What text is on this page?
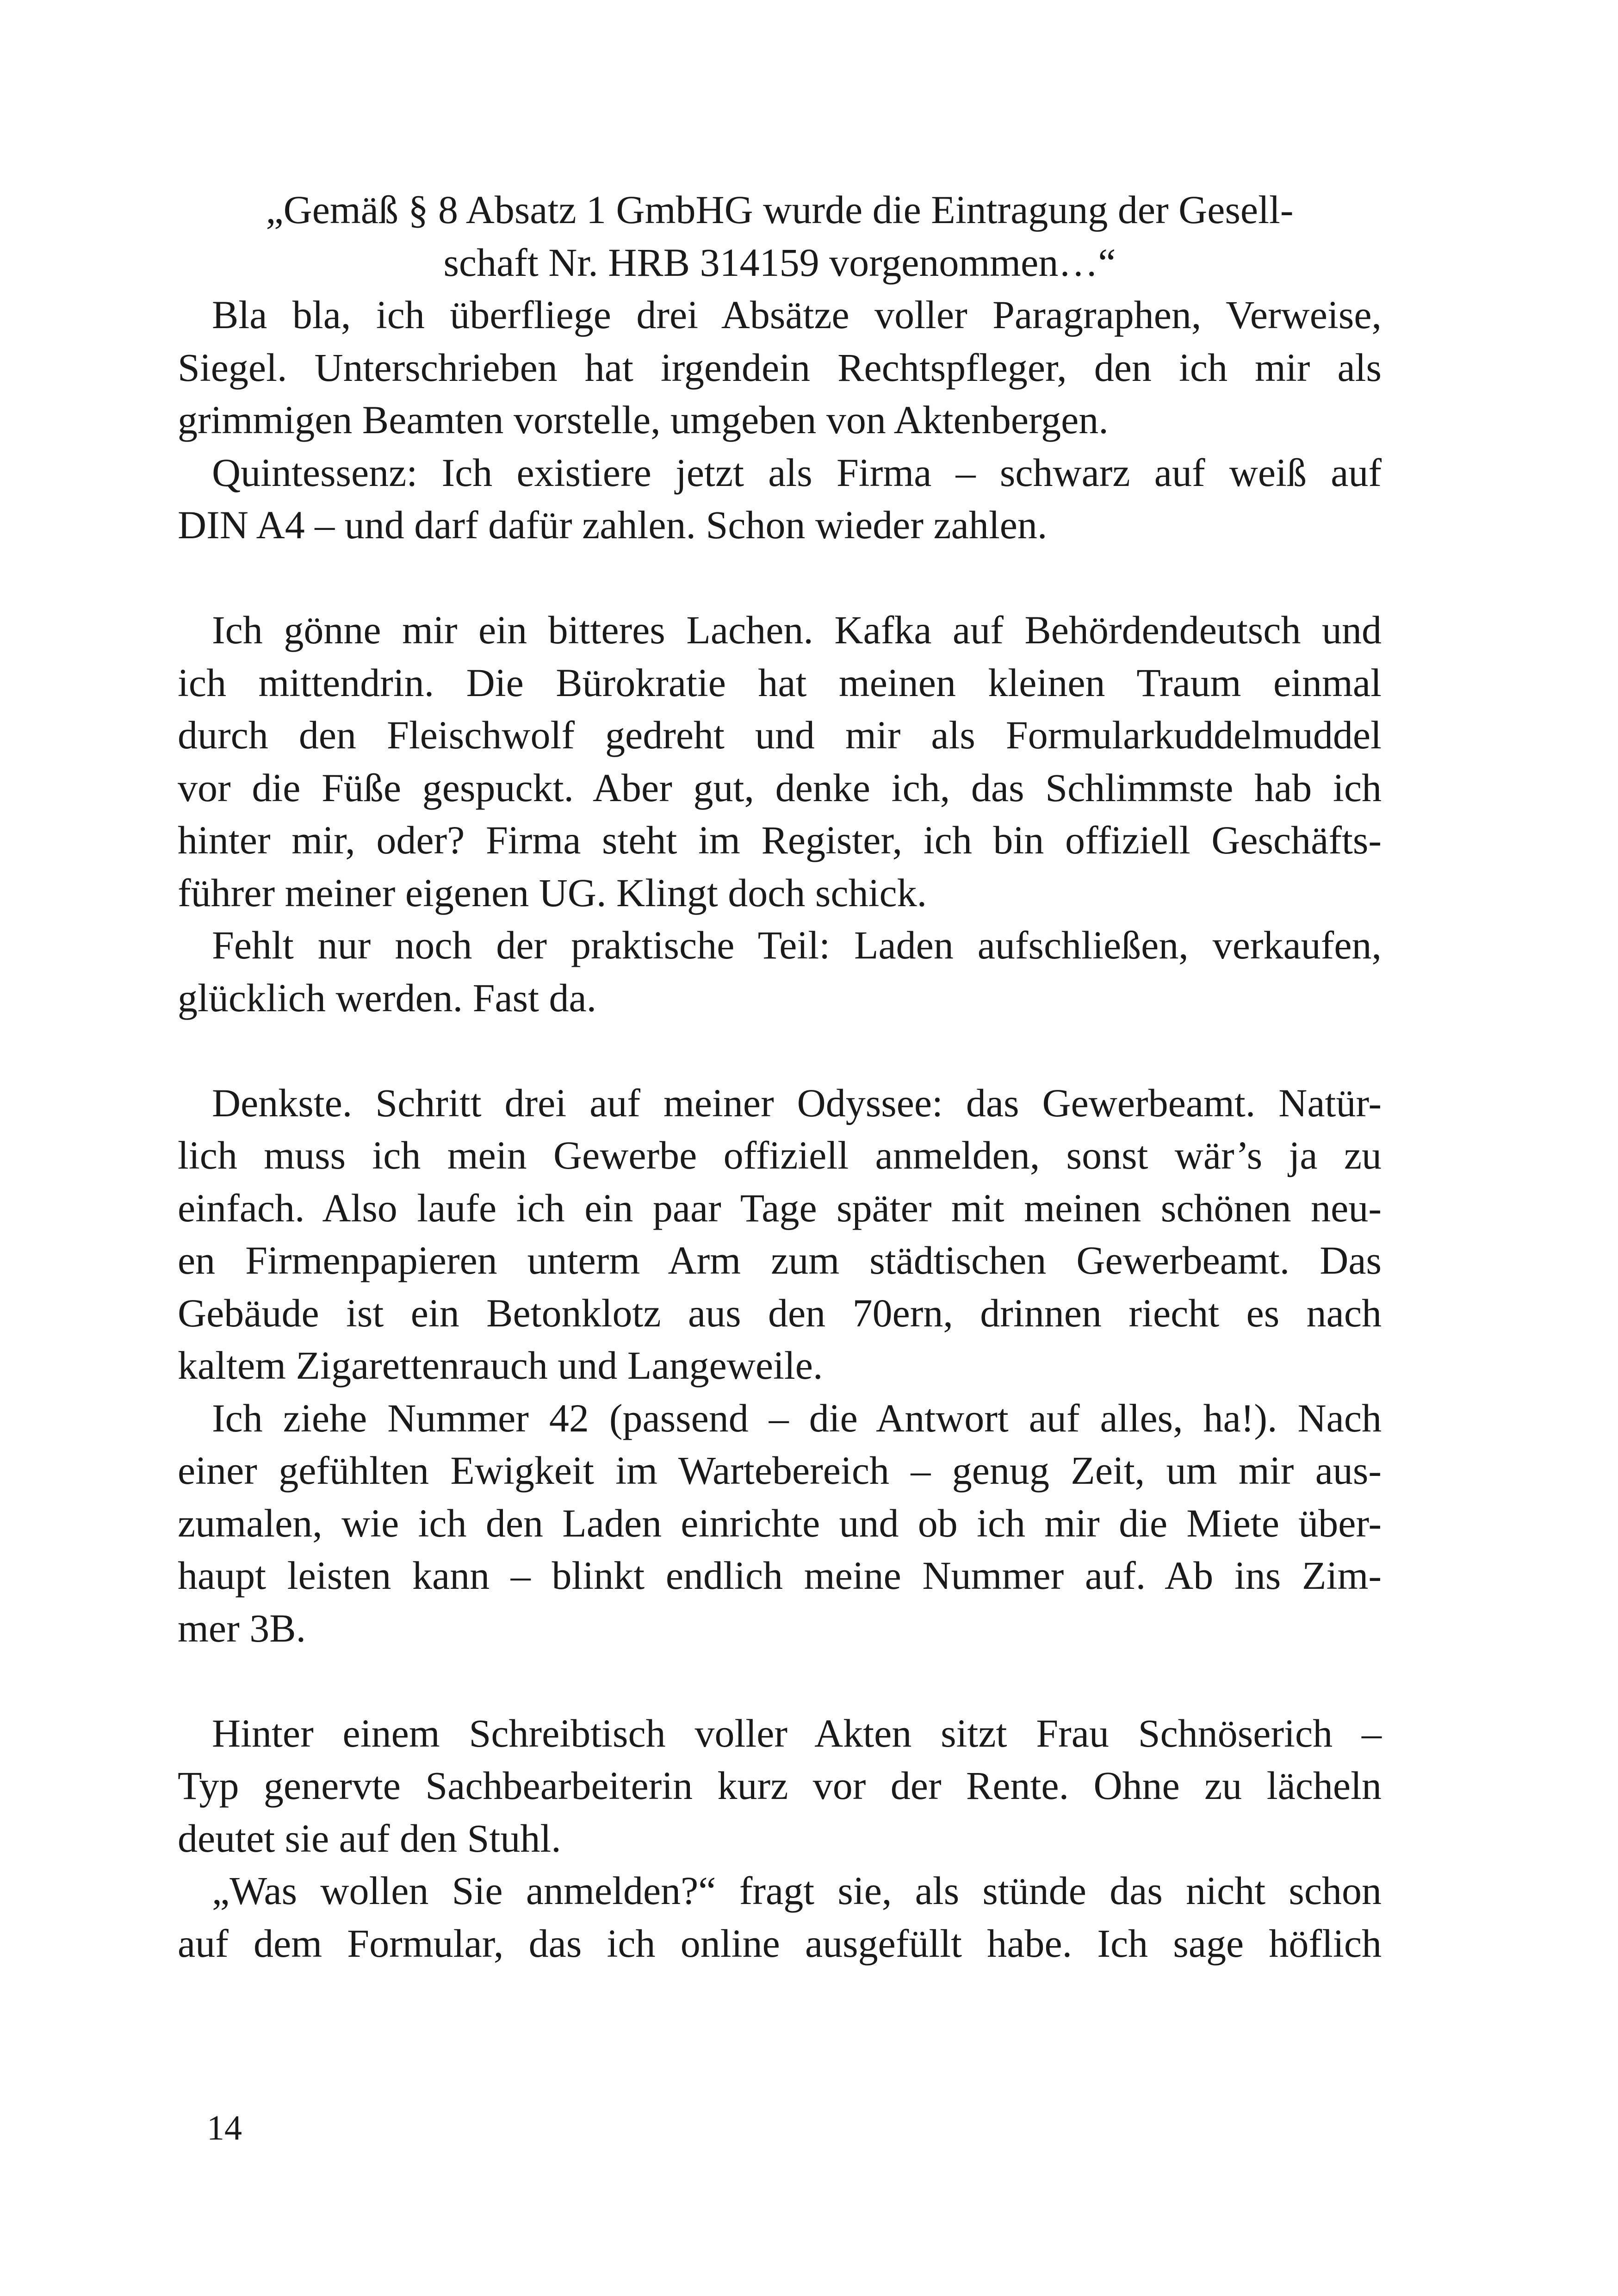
„Gemäß § 8 Absatz 1 GmbHG wurde die Eintragung der Gesell-
schaft Nr. HRB 314159 vorgenommen…“
Bla bla, ich überfliege drei Absätze voller Paragraphen, Verweise,
Siegel. Unterschrieben hat irgendein Rechtspfleger, den ich mir als
grimmigen Beamten vorstelle, umgeben von Aktenbergen.
Quintessenz: Ich existiere jetzt als Firma – schwarz auf weiß auf
DIN A4 – und darf dafür zahlen. Schon wieder zahlen.
Ich gönne mir ein bitteres Lachen. Kafka auf Behördendeutsch und
ich mittendrin. Die Bürokratie hat meinen kleinen Traum einmal
durch den Fleischwolf gedreht und mir als Formularkuddelmuddel
vor die Füße gespuckt. Aber gut, denke ich, das Schlimmste hab ich
hinter mir, oder? Firma steht im Register, ich bin offiziell Geschäfts-
führer meiner eigenen UG. Klingt doch schick.
Fehlt nur noch der praktische Teil: Laden aufschließen, verkaufen,
glücklich werden. Fast da.
Denkste. Schritt drei auf meiner Odyssee: das Gewerbeamt. Natür-
lich muss ich mein Gewerbe offiziell anmelden, sonst wär’s ja zu
einfach. Also laufe ich ein paar Tage später mit meinen schönen neu-
en Firmenpapieren unterm Arm zum städtischen Gewerbeamt. Das
Gebäude ist ein Betonklotz aus den 70ern, drinnen riecht es nach
kaltem Zigarettenrauch und Langeweile.
Ich ziehe Nummer 42 (passend – die Antwort auf alles, ha!). Nach
einer gefühlten Ewigkeit im Wartebereich – genug Zeit, um mir aus-
zumalen, wie ich den Laden einrichte und ob ich mir die Miete über-
haupt leisten kann – blinkt endlich meine Nummer auf. Ab ins Zim-
mer 3B.
Hinter einem Schreibtisch voller Akten sitzt Frau Schnöserich –
Typ genervte Sachbearbeiterin kurz vor der Rente. Ohne zu lächeln
deutet sie auf den Stuhl.
„Was wollen Sie anmelden?“ fragt sie, als stünde das nicht schon
auf dem Formular, das ich online ausgefüllt habe. Ich sage höflich
14
